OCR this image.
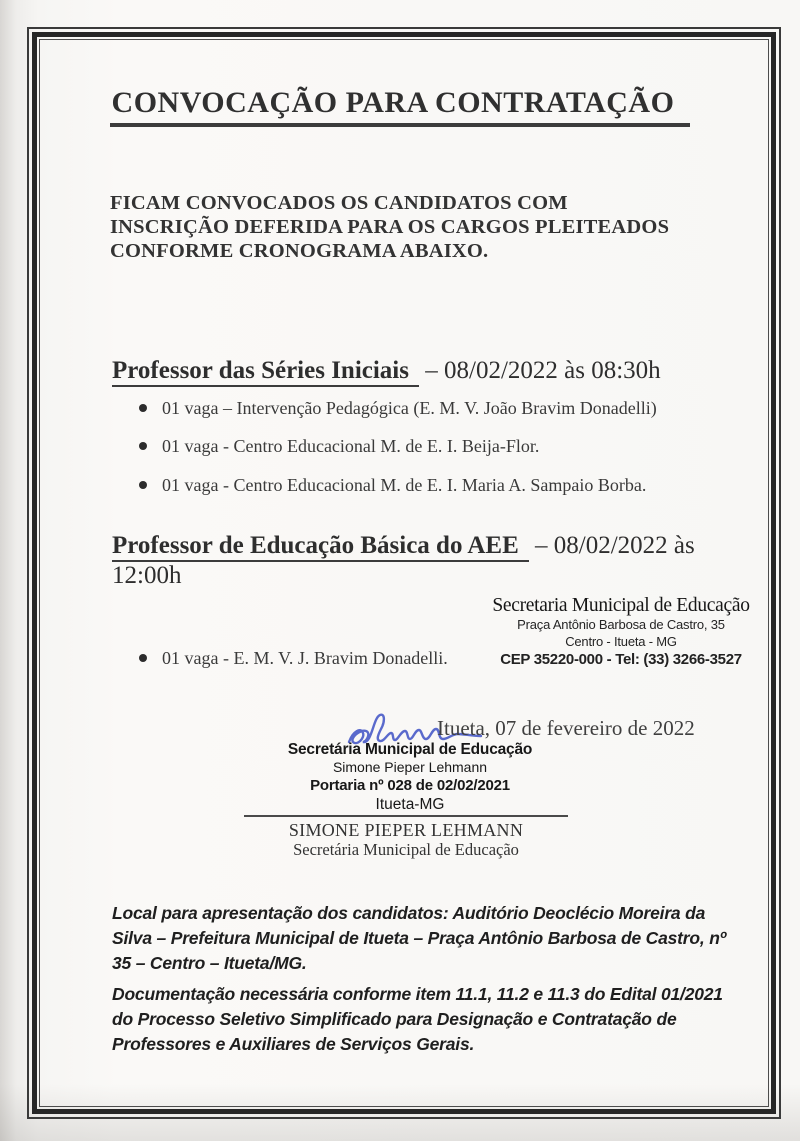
CONVOCAÇÃO PARA CONTRATAÇÃO

FICAM CONVOCADOS OS CANDIDATOS COM INSCRIÇÃO DEFERIDA PARA OS CARGOS PLEITEADOS CONFORME CRONOGRAMA ABAIXO.

Professor das Séries Iniciais – 08/02/2022 às 08:30h
01 vaga – Intervenção Pedagógica (E. M. V. João Bravim Donadelli)
01 vaga - Centro Educacional M. de E. I. Beija-Flor.
01 vaga - Centro Educacional M. de E. I. Maria A. Sampaio Borba.
Professor de Educação Básica do AEE – 08/02/2022 às
12:00h
Secretaria Municipal de Educação
Praça Antônio Barbosa de Castro, 35
Centro - Itueta - MG
CEP 35220-000 - Tel: (33) 3266-3527
01 vaga - E. M. V. J. Bravim Donadelli.
Itueta, 07 de fevereiro de 2022
Secretária Municipal de Educação
Simone Pieper Lehmann
Portaria nº 028 de 02/02/2021
Itueta-MG
SIMONE PIEPER LEHMANN
Secretária Municipal de Educação

Local para apresentação dos candidatos: Auditório Deoclécio Moreira da Silva – Prefeitura Municipal de Itueta – Praça Antônio Barbosa de Castro, nº 35 – Centro – Itueta/MG.

Documentação necessária conforme item 11.1, 11.2 e 11.3 do Edital 01/2021 do Processo Seletivo Simplificado para Designação e Contratação de Professores e Auxiliares de Serviços Gerais.
